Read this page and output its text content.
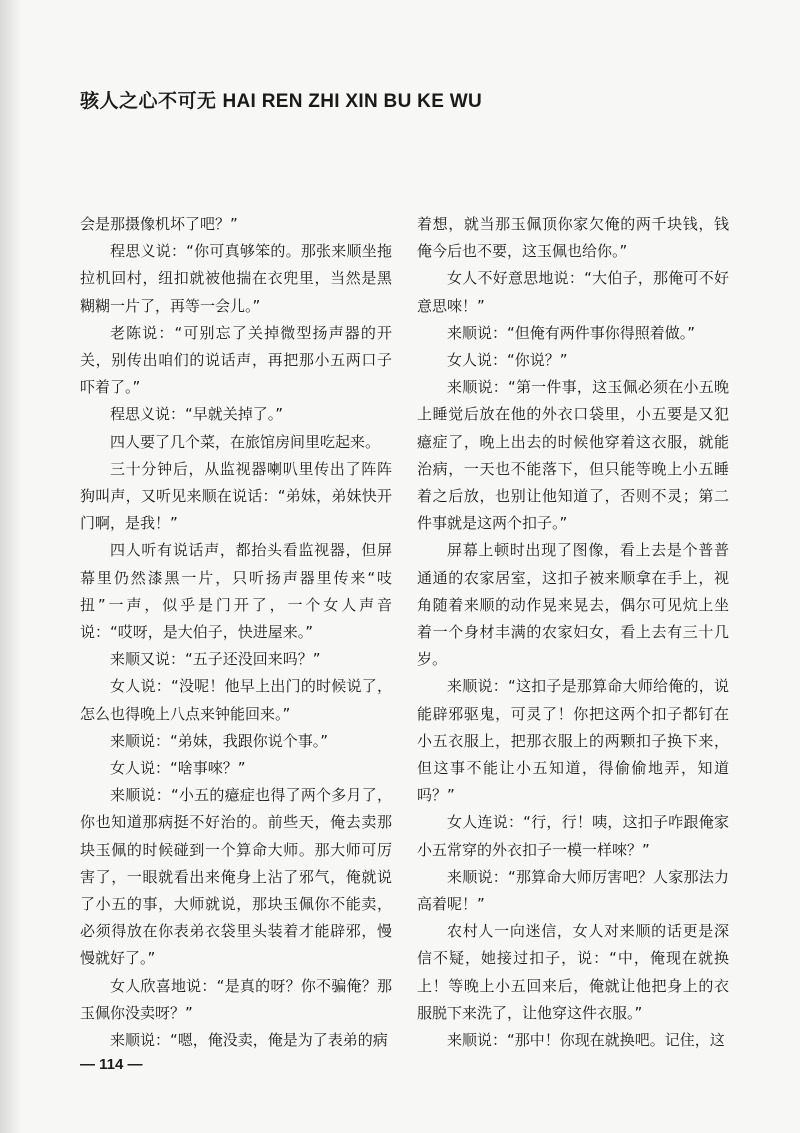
骇人之心不可无 HAI REN ZHI XIN BU KE WU

会是那摄像机坏了吧？”

程思义说：“你可真够笨的。那张来顺坐拖拉机回村，纽扣就被他揣在衣兜里，当然是黑糊糊一片了，再等一会儿。”

老陈说：“可别忘了关掉微型扬声器的开关，别传出咱们的说话声，再把那小五两口子吓着了。”

程思义说：“早就关掉了。”

四人要了几个菜，在旅馆房间里吃起来。

三十分钟后，从监视器喇叭里传出了阵阵狗叫声，又听见来顺在说话：“弟妹，弟妹快开门啊，是我！”

四人听有说话声，都抬头看监视器，但屏幕里仍然漆黑一片，只听扬声器里传来“吱扭”一声，似乎是门开了，一个女人声音说：“哎呀，是大伯子，快进屋来。”

来顺又说：“五子还没回来吗？”

女人说：“没呢！他早上出门的时候说了，怎么也得晚上八点来钟能回来。”

来顺说：“弟妹，我跟你说个事。”

女人说：“啥事唻？”

来顺说：“小五的癔症也得了两个多月了，你也知道那病挺不好治的。前些天，俺去卖那块玉佩的时候碰到一个算命大师。那大师可厉害了，一眼就看出来俺身上沾了邪气，俺就说了小五的事，大师就说，那块玉佩你不能卖，必须得放在你表弟衣袋里头装着才能辟邪，慢慢就好了。”

女人欣喜地说：“是真的呀？你不骗俺？那玉佩你没卖呀？”

来顺说：“嗯，俺没卖，俺是为了表弟的病

着想，就当那玉佩顶你家欠俺的两千块钱，钱俺今后也不要，这玉佩也给你。”

女人不好意思地说：“大伯子，那俺可不好意思唻！”

来顺说：“但俺有两件事你得照着做。”

女人说：“你说？”

来顺说：“第一件事，这玉佩必须在小五晚上睡觉后放在他的外衣口袋里，小五要是又犯癔症了，晚上出去的时候他穿着这衣服，就能治病，一天也不能落下，但只能等晚上小五睡着之后放，也别让他知道了，否则不灵；第二件事就是这两个扣子。”

屏幕上顿时出现了图像，看上去是个普普通通的农家居室，这扣子被来顺拿在手上，视角随着来顺的动作晃来晃去，偶尔可见炕上坐着一个身材丰满的农家妇女，看上去有三十几岁。

来顺说：“这扣子是那算命大师给俺的，说能辟邪驱鬼，可灵了！你把这两个扣子都钉在小五衣服上，把那衣服上的两颗扣子换下来，但这事不能让小五知道，得偷偷地弄，知道吗？”

女人连说：“行，行！咦，这扣子咋跟俺家小五常穿的外衣扣子一模一样唻？”

来顺说：“那算命大师厉害吧？人家那法力高着呢！”

农村人一向迷信，女人对来顺的话更是深信不疑，她接过扣子，说：“中，俺现在就换上！等晚上小五回来后，俺就让他把身上的衣服脱下来洗了，让他穿这件衣服。”

来顺说：“那中！你现在就换吧。记住，这

— 114 —
